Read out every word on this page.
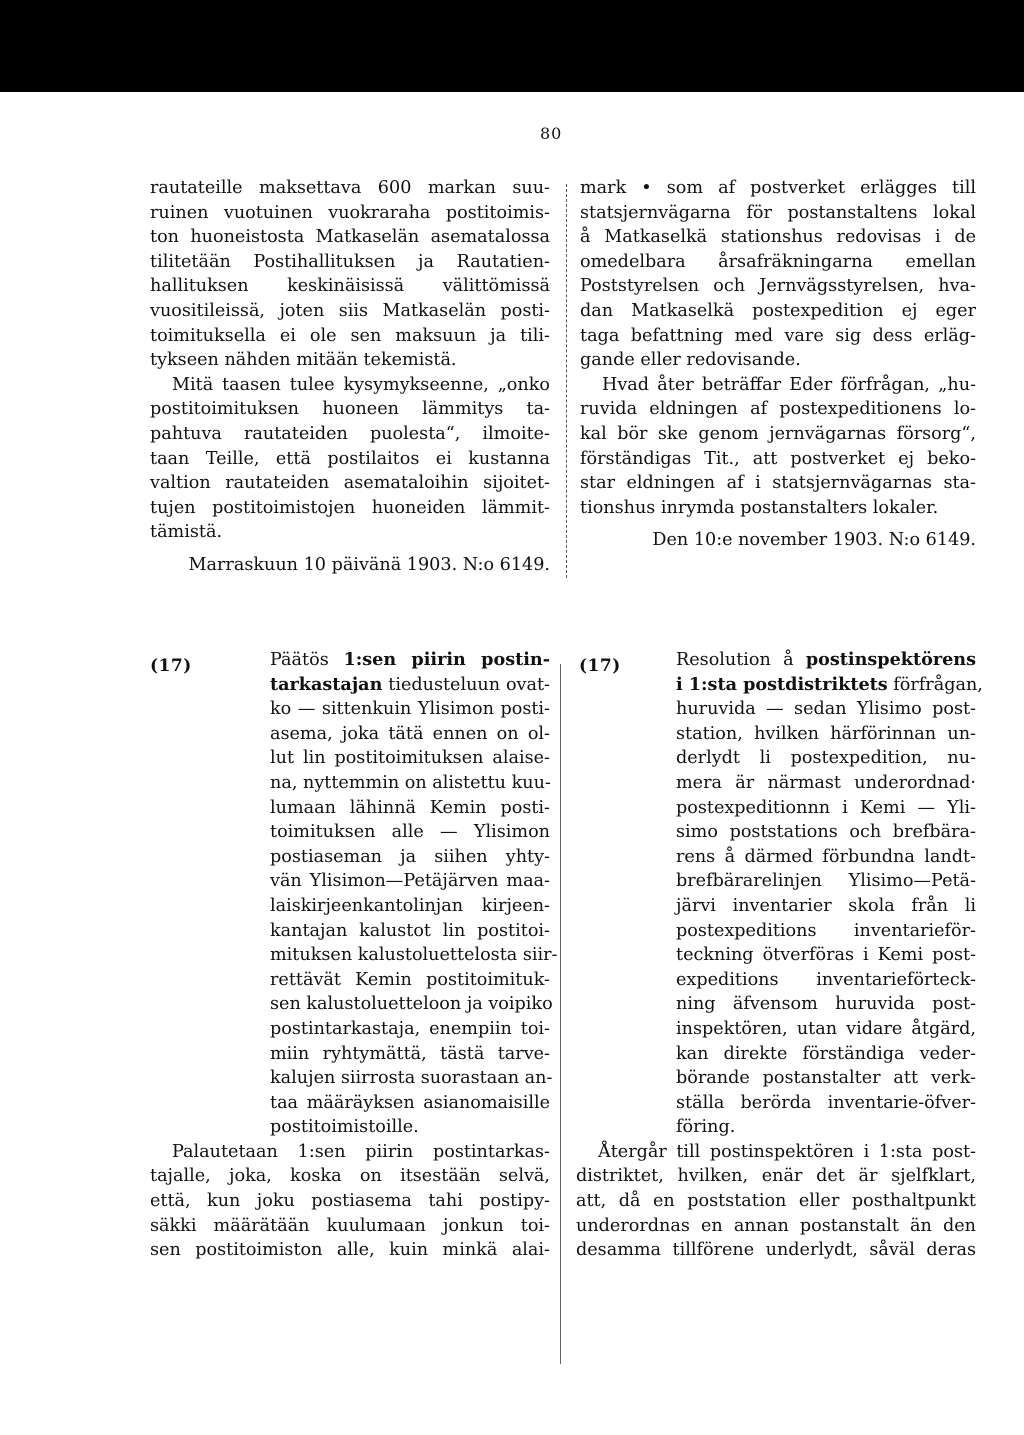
80
rautateille maksettava 600 markan suu-
ruinen vuotuinen vuokraraha postitoimis-
ton huoneistosta Matkaselän asematalossa
tilitetään Postihallituksen ja Rautatien-
hallituksen keskinäisissä välittömissä
vuositileissä, joten siis Matkaselän posti-
toimituksella ei ole sen maksuun ja tili-
tykseen nähden mitään tekemistä.
Mitä taasen tulee kysymykseenne, „onko
postitoimituksen huoneen lämmitys ta-
pahtuva rautateiden puolesta“, ilmoite-
taan Teille, että postilaitos ei kustanna
valtion rautateiden asemataloihin sijoitet-
tujen postitoimistojen huoneiden lämmit-
tämistä.
Marraskuun 10 päivänä 1903. N:o 6149.
mark • som af postverket erlägges till
statsjernvägarna för postanstaltens lokal
å Matkaselkä stationshus redovisas i de
omedelbara årsafräkningarna emellan
Poststyrelsen och Jernvägsstyrelsen, hva-
dan Matkaselkä postexpedition ej eger
taga befattning med vare sig dess erläg-
gande eller redovisande.
Hvad åter beträffar Eder förfrågan, „hu-
ruvida eldningen af postexpeditionens lo-
kal bör ske genom jernvägarnas försorg“,
förständigas Tit., att postverket ej beko-
star eldningen af i statsjernvägarnas sta-
tionshus inrymda postanstalters lokaler.
Den 10:e november 1903. N:o 6149.
(17)	Päätös 1:sen piirin postin-
tarkastajan tiedusteluun ovat-
ko — sittenkuin Ylisimon posti-
asema, joka tätä ennen on ol-
lut lin postitoimituksen alaise-
na, nyttemmin on alistettu kuu-
lumaan lähinnä Kemin posti-
toimituksen alle — Ylisimon
postiaseman ja siihen yhty-
vän Ylisimon—Petäjärven maa-
laiskirjeenkantolinjan kirjeen-
kantajan kalustot lin postitoi-
mituksen kalustoluettelosta siir-
rettävät Kemin postitoimituk-
sen kalustoluetteloon ja voipiko
postintarkastaja, enempiin toi-
miin ryhtymättä, tästä tarve-
kalujen siirrosta suorastaan an-
taa määräyksen asianomaisille
postitoimistoille.
Palautetaan 1:sen piirin postintarkas-
tajalle, joka, koska on itsestään selvä,
että, kun joku postiasema tahi postipy-
säkki määrätään kuulumaan jonkun toi-
sen postitoimiston alle, kuin minkä alai-
(17)	Resolution å postinspektörens
i 1:sta postdistriktets förfrågan,
huruvida — sedan Ylisimo post-
station, hvilken härförinnan un-
derlydt li postexpedition, nu-
mera är närmast underordnad·
postexpeditionnn i Kemi — Yli-
simo poststations och brefbära-
rens å därmed förbundna landt-
brefbärarelinjen Ylisimo—Petä-
järvi inventarier skola från li
postexpeditions inventarieför-
teckning ötverföras i Kemi post-
expeditions inventarieförteck-
ning äfvensom huruvida post-
inspektören, utan vidare åtgärd,
kan direkte förständiga veder-
börande postanstalter att verk-
ställa berörda inventarie-öfver-
föring.
Återgår till postinspektören i 1:sta post-
distriktet, hvilken, enär det är sjelfklart,
att, då en poststation eller posthaltpunkt
underordnas en annan postanstalt än den
desamma tillförene underlydt, såväl deras
